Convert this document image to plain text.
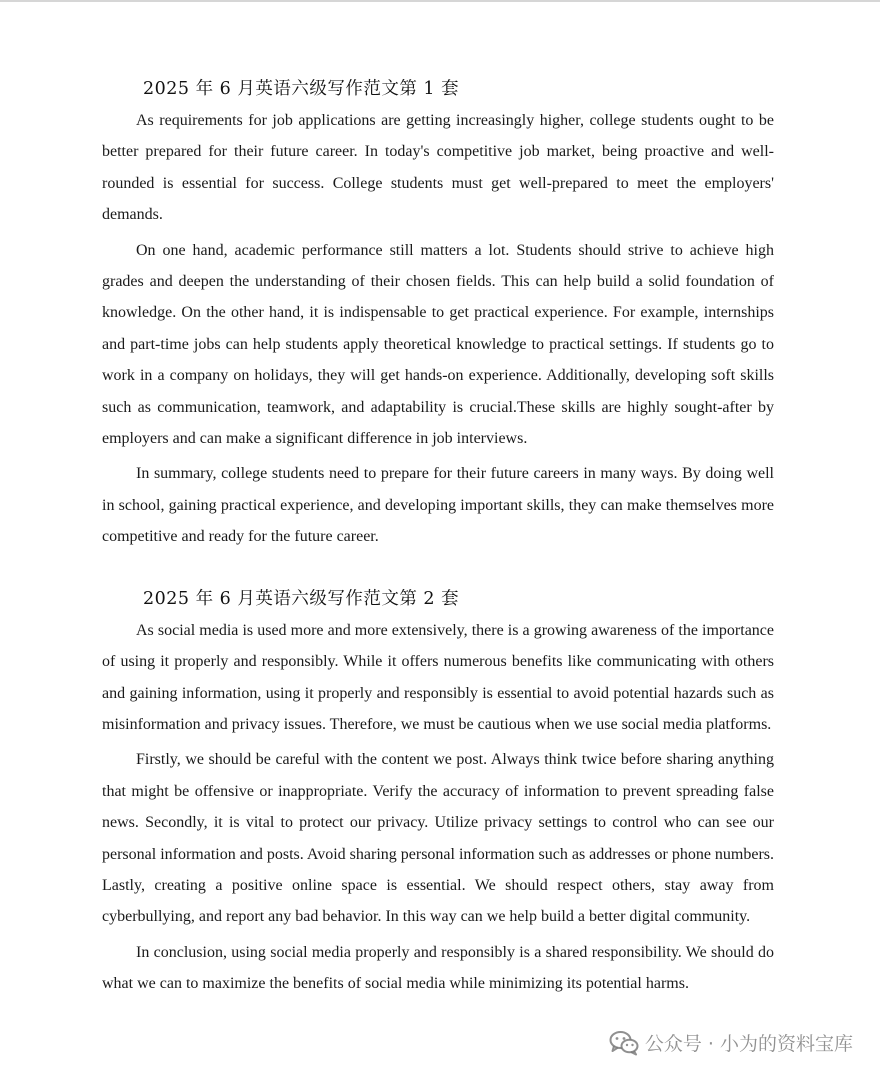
2025 年 6 月英语六级写作范文第 1 套

As requirements for job applications are getting increasingly higher, college students ought to be better prepared for their future career. In today's competitive job market, being proactive and well-rounded is essential for success. College students must get well-prepared to meet the employers' demands.

On one hand, academic performance still matters a lot. Students should strive to achieve high grades and deepen the understanding of their chosen fields. This can help build a solid foundation of knowledge. On the other hand, it is indispensable to get practical experience. For example, internships and part-time jobs can help students apply theoretical knowledge to practical settings. If students go to work in a company on holidays, they will get hands-on experience. Additionally, developing soft skills such as communication, teamwork, and adaptability is crucial.These skills are highly sought-after by employers and can make a significant difference in job interviews.

In summary, college students need to prepare for their future careers in many ways. By doing well in school, gaining practical experience, and developing important skills, they can make themselves more competitive and ready for the future career.

2025 年 6 月英语六级写作范文第 2 套

As social media is used more and more extensively, there is a growing awareness of the importance of using it properly and responsibly. While it offers numerous benefits like communicating with others and gaining information, using it properly and responsibly is essential to avoid potential hazards such as misinformation and privacy issues. Therefore, we must be cautious when we use social media platforms.

Firstly, we should be careful with the content we post. Always think twice before sharing anything that might be offensive or inappropriate. Verify the accuracy of information to prevent spreading false news. Secondly, it is vital to protect our privacy. Utilize privacy settings to control who can see our personal information and posts. Avoid sharing personal information such as addresses or phone numbers. Lastly, creating a positive online space is essential. We should respect others, stay away from cyberbullying, and report any bad behavior. In this way can we help build a better digital community.

In conclusion, using social media properly and responsibly is a shared responsibility. We should do what we can to maximize the benefits of social media while minimizing its potential harms.

公众号 · 小为的资料宝库
